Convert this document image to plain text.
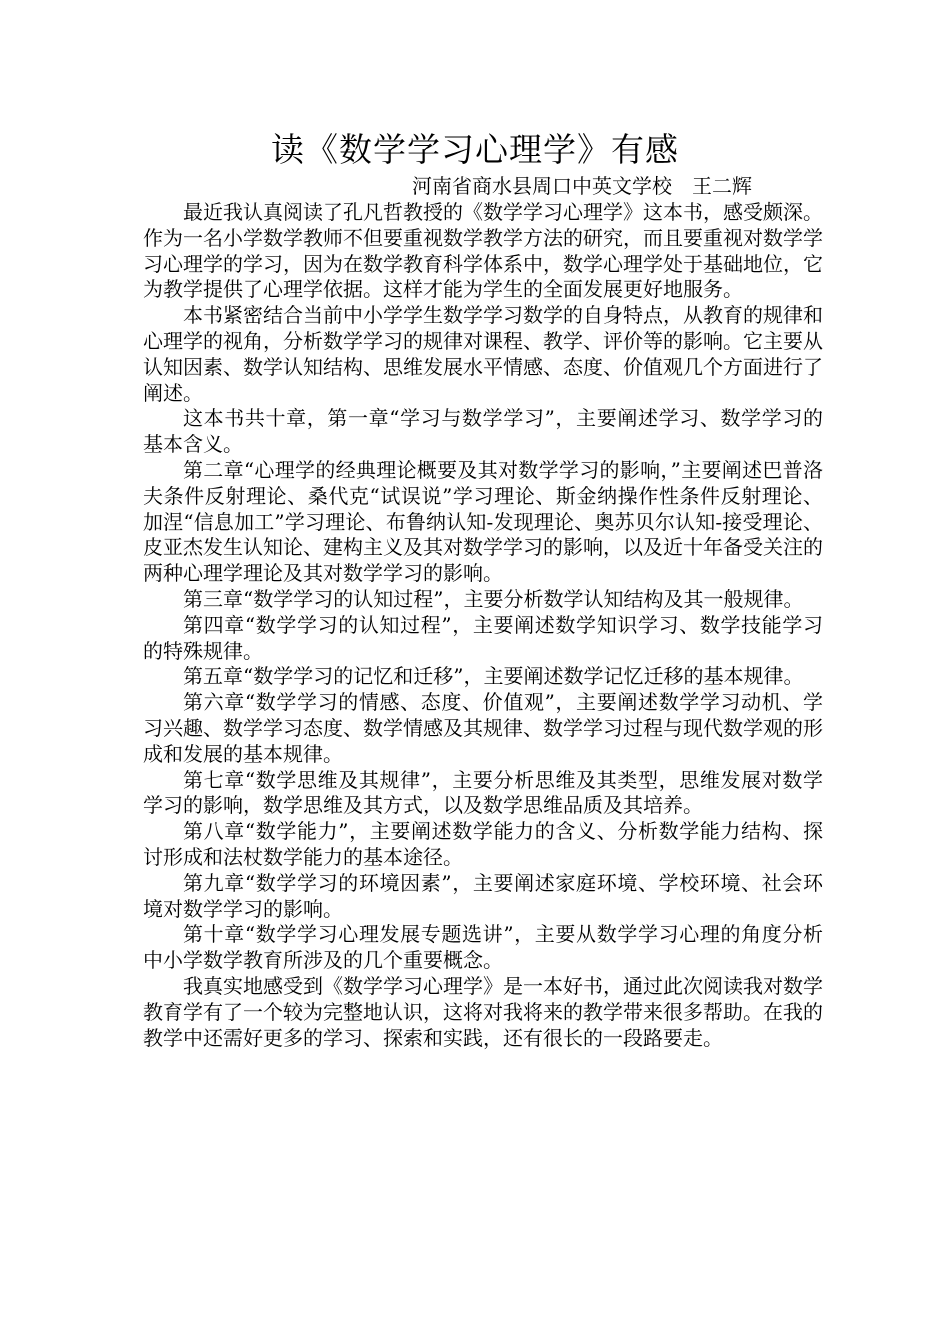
读《数学学习心理学》有感
河南省商水县周口中英文学校　王二辉

最近我认真阅读了孔凡哲教授的《数学学习心理学》这本书，感受颇深。作为一名小学数学教师不但要重视数学教学方法的研究，而且要重视对数学学习心理学的学习，因为在数学教育科学体系中，数学心理学处于基础地位，它为教学提供了心理学依据。这样才能为学生的全面发展更好地服务。

本书紧密结合当前中小学学生数学学习数学的自身特点，从教育的规律和心理学的视角，分析数学学习的规律对课程、教学、评价等的影响。它主要从认知因素、数学认知结构、思维发展水平情感、态度、价值观几个方面进行了阐述。

这本书共十章，第一章“学习与数学学习”，主要阐述学习、数学学习的基本含义。

第二章“心理学的经典理论概要及其对数学学习的影响，”主要阐述巴普洛夫条件反射理论、桑代克“试误说”学习理论、斯金纳操作性条件反射理论、加涅“信息加工”学习理论、布鲁纳认知-发现理论、奥苏贝尔认知-接受理论、皮亚杰发生认知论、建构主义及其对数学学习的影响，以及近十年备受关注的两种心理学理论及其对数学学习的影响。

第三章“数学学习的认知过程”，主要分析数学认知结构及其一般规律。

第四章“数学学习的认知过程”，主要阐述数学知识学习、数学技能学习的特殊规律。

第五章“数学学习的记忆和迁移”，主要阐述数学记忆迁移的基本规律。

第六章“数学学习的情感、态度、价值观”，主要阐述数学学习动机、学习兴趣、数学学习态度、数学情感及其规律、数学学习过程与现代数学观的形成和发展的基本规律。

第七章“数学思维及其规律”，主要分析思维及其类型，思维发展对数学学习的影响，数学思维及其方式，以及数学思维品质及其培养。

第八章“数学能力”，主要阐述数学能力的含义、分析数学能力结构、探讨形成和法杖数学能力的基本途径。

第九章“数学学习的环境因素”，主要阐述家庭环境、学校环境、社会环境对数学学习的影响。

第十章“数学学习心理发展专题选讲”，主要从数学学习心理的角度分析中小学数学教育所涉及的几个重要概念。

我真实地感受到《数学学习心理学》是一本好书，通过此次阅读我对数学教育学有了一个较为完整地认识，这将对我将来的教学带来很多帮助。在我的教学中还需好更多的学习、探索和实践，还有很长的一段路要走。
